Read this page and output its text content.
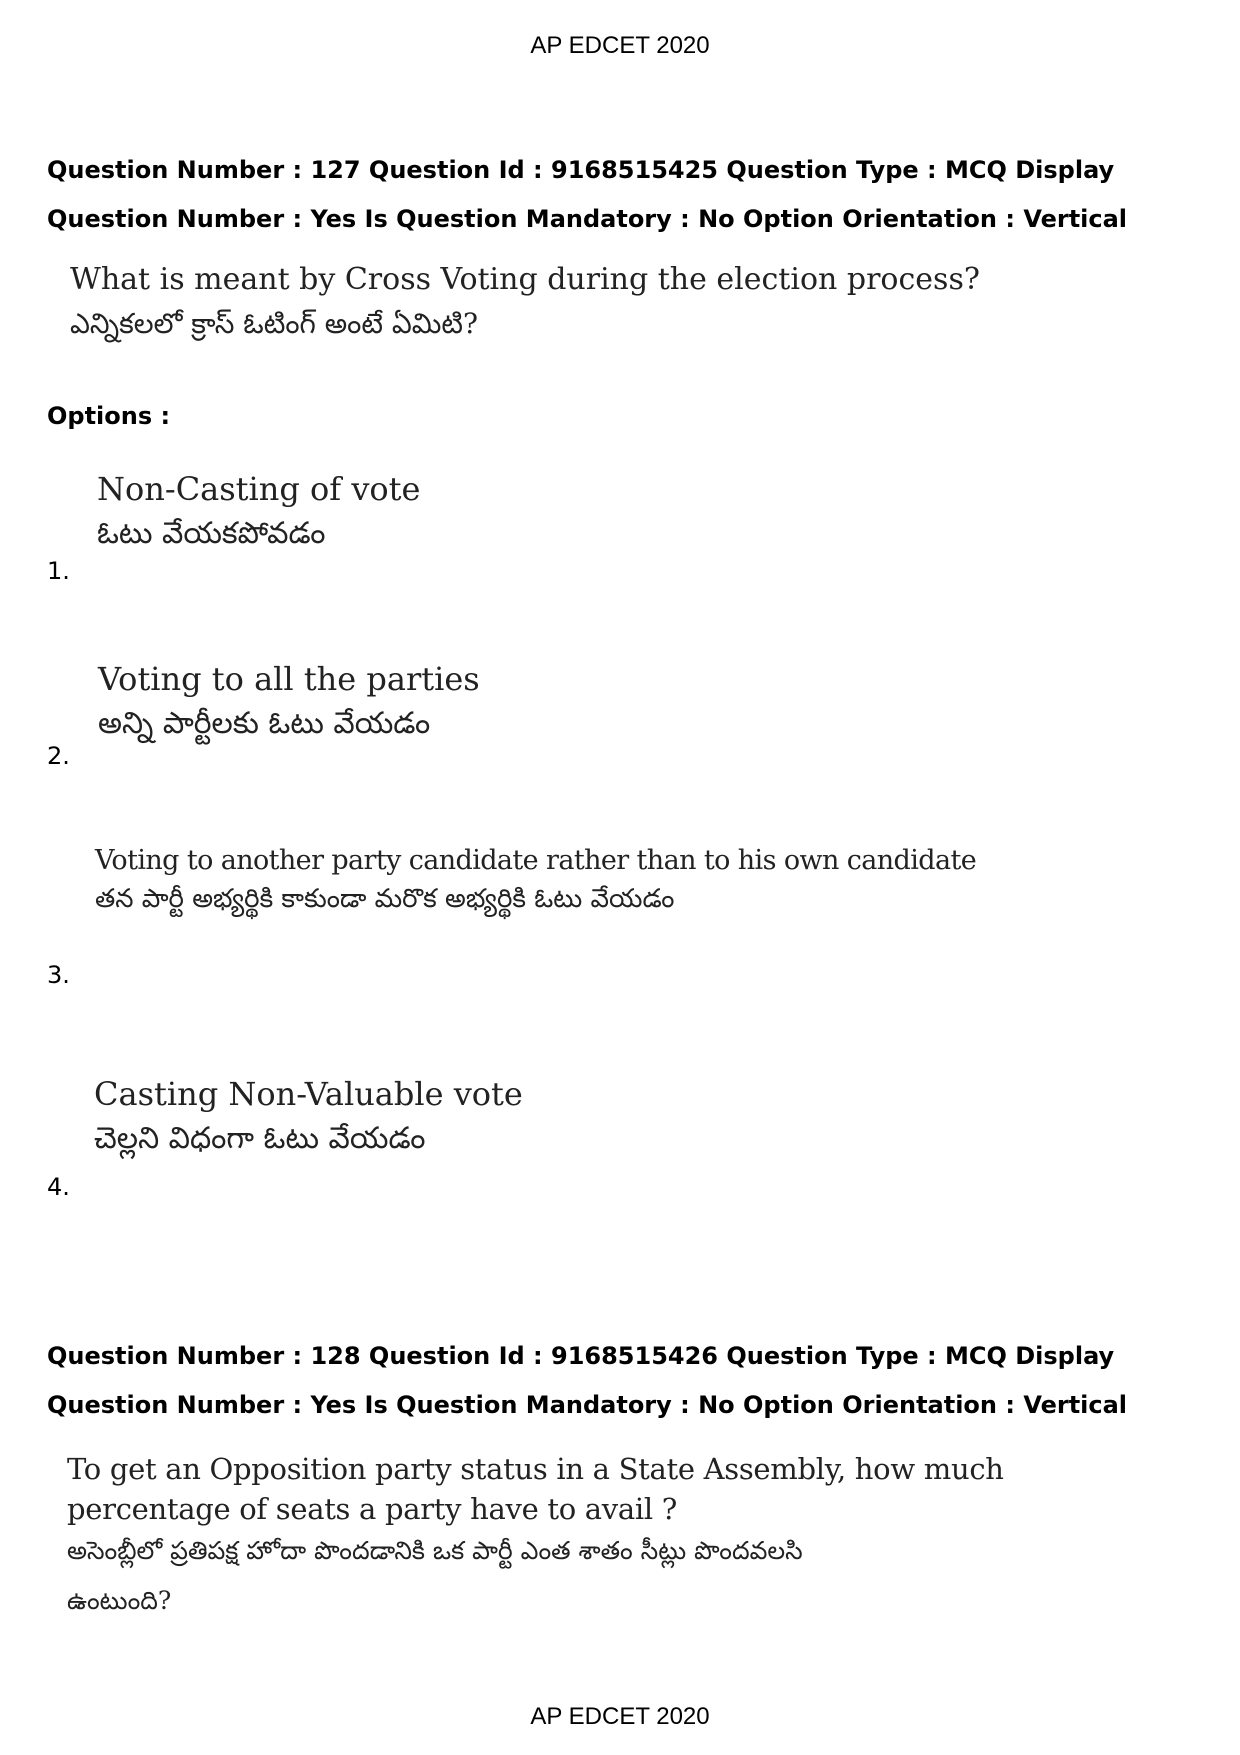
AP EDCET 2020
Question Number : 127 Question Id : 9168515425 Question Type : MCQ Display Question Number : Yes Is Question Mandatory : No Option Orientation : Vertical
What is meant by Cross Voting during the election process?
ఎన్నికలలో క్రాస్ ఓటింగ్ అంటే ఏమిటి?
Options :
Non-Casting of vote
ఓటు వేయకపోవడం
1.
Voting to all the parties
అన్ని పార్టీలకు ఓటు వేయడం
2.
Voting to another party candidate rather than to his own candidate
తన పార్టీ అభ్యర్థికి కాకుండా మరొక అభ్యర్థికి ఓటు వేయడం
3.
Casting Non-Valuable vote
చెల్లని విధంగా ఓటు వేయడం
4.
Question Number : 128 Question Id : 9168515426 Question Type : MCQ Display Question Number : Yes Is Question Mandatory : No Option Orientation : Vertical
To get an Opposition party status in a State Assembly, how much
percentage of seats a party have to avail ?
అసెంబ్లీలో ప్రతిపక్ష హోదా పొందడానికి ఒక పార్టీ ఎంత శాతం సీట్లు పొందవలసి
ఉంటుంది?
AP EDCET 2020
